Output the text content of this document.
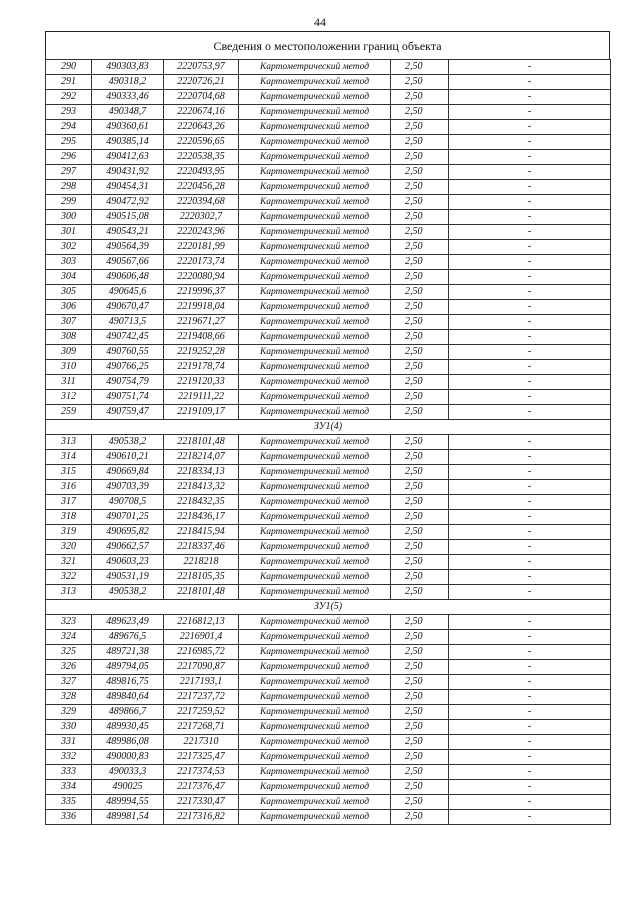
44
Сведения о местоположении границ объекта
290	490303,83	2220753,97	Картометрический метод	2,50	-
291	490318,2	2220726,21	Картометрический метод	2,50	-
292	490333,46	2220704,68	Картометрический метод	2,50	-
293	490348,7	2220674,16	Картометрический метод	2,50	-
294	490360,61	2220643,26	Картометрический метод	2,50	-
295	490385,14	2220596,65	Картометрический метод	2,50	-
296	490412,63	2220538,35	Картометрический метод	2,50	-
297	490431,92	2220493,95	Картометрический метод	2,50	-
298	490454,31	2220456,28	Картометрический метод	2,50	-
299	490472,92	2220394,68	Картометрический метод	2,50	-
300	490515,08	2220302,7	Картометрический метод	2,50	-
301	490543,21	2220243,96	Картометрический метод	2,50	-
302	490564,39	2220181,99	Картометрический метод	2,50	-
303	490567,66	2220173,74	Картометрический метод	2,50	-
304	490606,48	2220080,94	Картометрический метод	2,50	-
305	490645,6	2219996,37	Картометрический метод	2,50	-
306	490670,47	2219918,04	Картометрический метод	2,50	-
307	490713,5	2219671,27	Картометрический метод	2,50	-
308	490742,45	2219408,66	Картометрический метод	2,50	-
309	490760,55	2219252,28	Картометрический метод	2,50	-
310	490766,25	2219178,74	Картометрический метод	2,50	-
311	490754,79	2219120,33	Картометрический метод	2,50	-
312	490751,74	2219111,22	Картометрический метод	2,50	-
259	490759,47	2219109,17	Картометрический метод	2,50	-
ЗУ1(4)					
313	490538,2	2218101,48	Картометрический метод	2,50	-
314	490610,21	2218214,07	Картометрический метод	2,50	-
315	490669,84	2218334,13	Картометрический метод	2,50	-
316	490703,39	2218413,32	Картометрический метод	2,50	-
317	490708,5	2218432,35	Картометрический метод	2,50	-
318	490701,25	2218436,17	Картометрический метод	2,50	-
319	490695,82	2218415,94	Картометрический метод	2,50	-
320	490662,57	2218337,46	Картометрический метод	2,50	-
321	490603,23	2218218	Картометрический метод	2,50	-
322	490531,19	2218105,35	Картометрический метод	2,50	-
313	490538,2	2218101,48	Картометрический метод	2,50	-
ЗУ1(5)					
323	489623,49	2216812,13	Картометрический метод	2,50	-
324	489676,5	2216901,4	Картометрический метод	2,50	-
325	489721,38	2216985,72	Картометрический метод	2,50	-
326	489794,05	2217090,87	Картометрический метод	2,50	-
327	489816,75	2217193,1	Картометрический метод	2,50	-
328	489840,64	2217237,72	Картометрический метод	2,50	-
329	489866,7	2217259,52	Картометрический метод	2,50	-
330	489930,45	2217268,71	Картометрический метод	2,50	-
331	489986,08	2217310	Картометрический метод	2,50	-
332	490000,83	2217325,47	Картометрический метод	2,50	-
333	490033,3	2217374,53	Картометрический метод	2,50	-
334	490025	2217376,47	Картометрический метод	2,50	-
335	489994,55	2217330,47	Картометрический метод	2,50	-
336	489981,54	2217316,82	Картометрический метод	2,50	-
